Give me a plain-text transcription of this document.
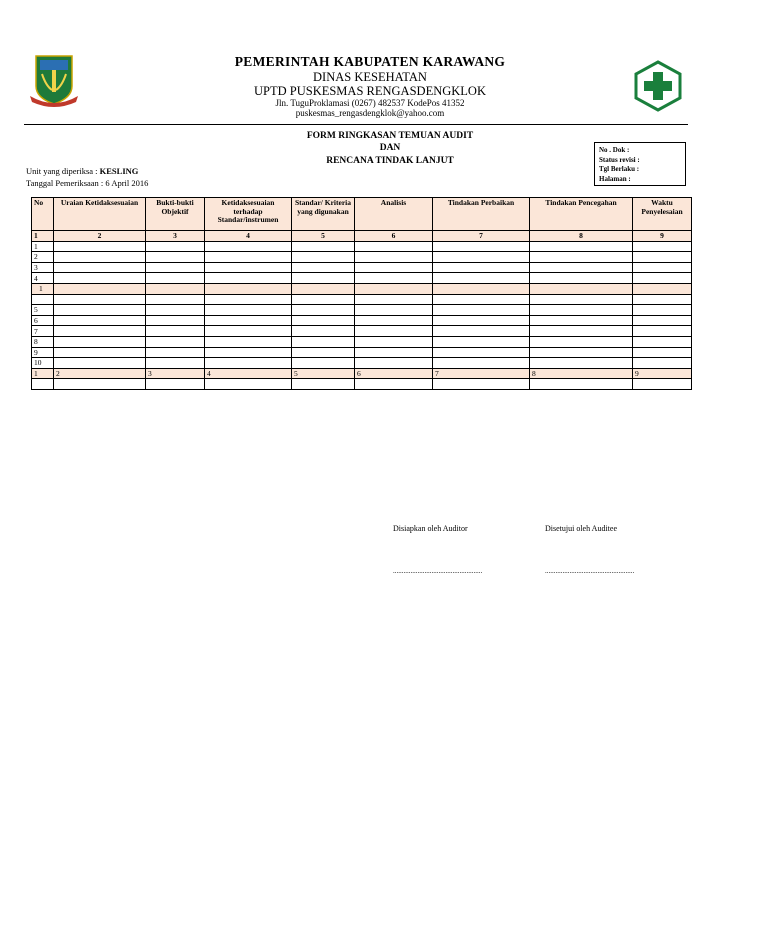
PEMERINTAH KABUPATEN KARAWANG
DINAS KESEHATAN
UPTD PUSKESMAS RENGASDENGKLOK
Jln. TuguProklamasi (0267) 482537 KodePos 41352
puskesmas_rengasdengklok@yahoo.com
FORM RINGKASAN TEMUAN AUDIT
DAN
RENCANA TINDAK LANJUT
No . Dok :
Status revisi :
Tgl Berlaku :
Halaman :
Unit yang diperiksa : KESLING
Tanggal Pemeriksaan : 6 April 2016
No	Uraian Ketidaksesuaian	Bukti-bukti Objektif	Ketidaksesuaian terhadap Standar/instrumen	Standar/ Kriteria yang digunakan	Analisis	Tindakan Perbaikan	Tindakan Pencegahan	Waktu Penyelesaian
1	2	3	4	5	6	7	8	9
1								
2								
3								
4								
1								

5								
6								
7								
8								
9								
10								
1	2	3	4	5	6	7	8	9

Disiapkan oleh Auditor	Disetujui oleh Auditee
...................................................	...................................................
